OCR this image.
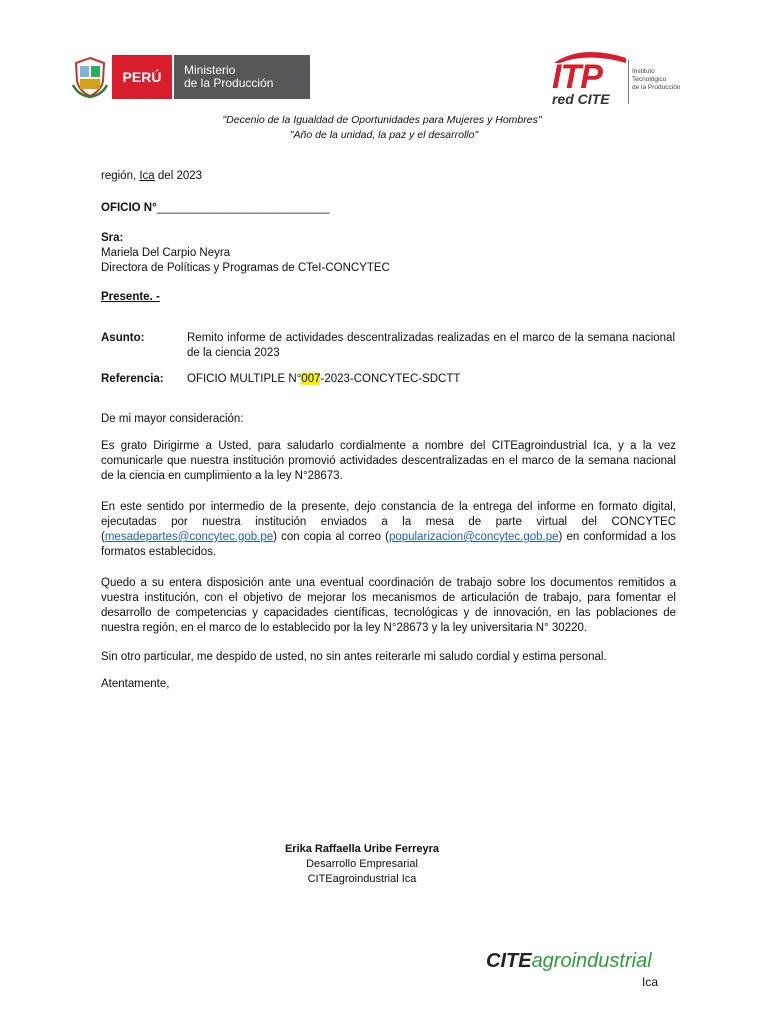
PERÚ	Ministerio
de la Producción	ITP
red CITE
Instituto
Tecnológico
de la Producción
"Decenio de la Igualdad de Oportunidades para Mujeres y Hombres"
"Año de la unidad, la paz y el desarrollo"
región, Ica del 2023
OFICIO N°___________________________
Sra:
Mariela Del Carpio Neyra
Directora de Políticas y Programas de CTeI-CONCYTEC
Presente. -
Asunto:	Remito informe de actividades descentralizadas realizadas en el marco de la semana nacional de la ciencia 2023
Referencia: OFICIO MULTIPLE N°007-2023-CONCYTEC-SDCTT
De mi mayor consideración:
Es grato Dirigirme a Usted, para saludarlo cordialmente a nombre del CITEagroindustrial Ica, y a la vez comunicarle que nuestra institución promovió actividades descentralizadas en el marco de la semana nacional de la ciencia en cumplimiento a la ley N°28673.
En este sentido por intermedio de la presente, dejo constancia de la entrega del informe en formato digital, ejecutadas por nuestra institución enviados a la mesa de parte virtual del CONCYTEC (mesadepartes@concytec.gob.pe) con copia al correo (popularizacion@concytec.gob.pe) en conformidad a los formatos establecidos.
Quedo a su entera disposición ante una eventual coordinación de trabajo sobre los documentos remitidos a vuestra institución, con el objetivo de mejorar los mecanismos de articulación de trabajo, para fomentar el desarrollo de competencias y capacidades científicas, tecnológicas y de innovación, en las poblaciones de nuestra región, en el marco de lo establecido por la ley N°28673 y la ley universitaria N° 30220.
Sin otro particular, me despido de usted, no sin antes reiterarle mi saludo cordial y estima personal.
Atentamente,
Erika Raffaella Uribe Ferreyra
Desarrollo Empresarial
CITEagroindustrial Ica
CITEagroindustrial
Ica
